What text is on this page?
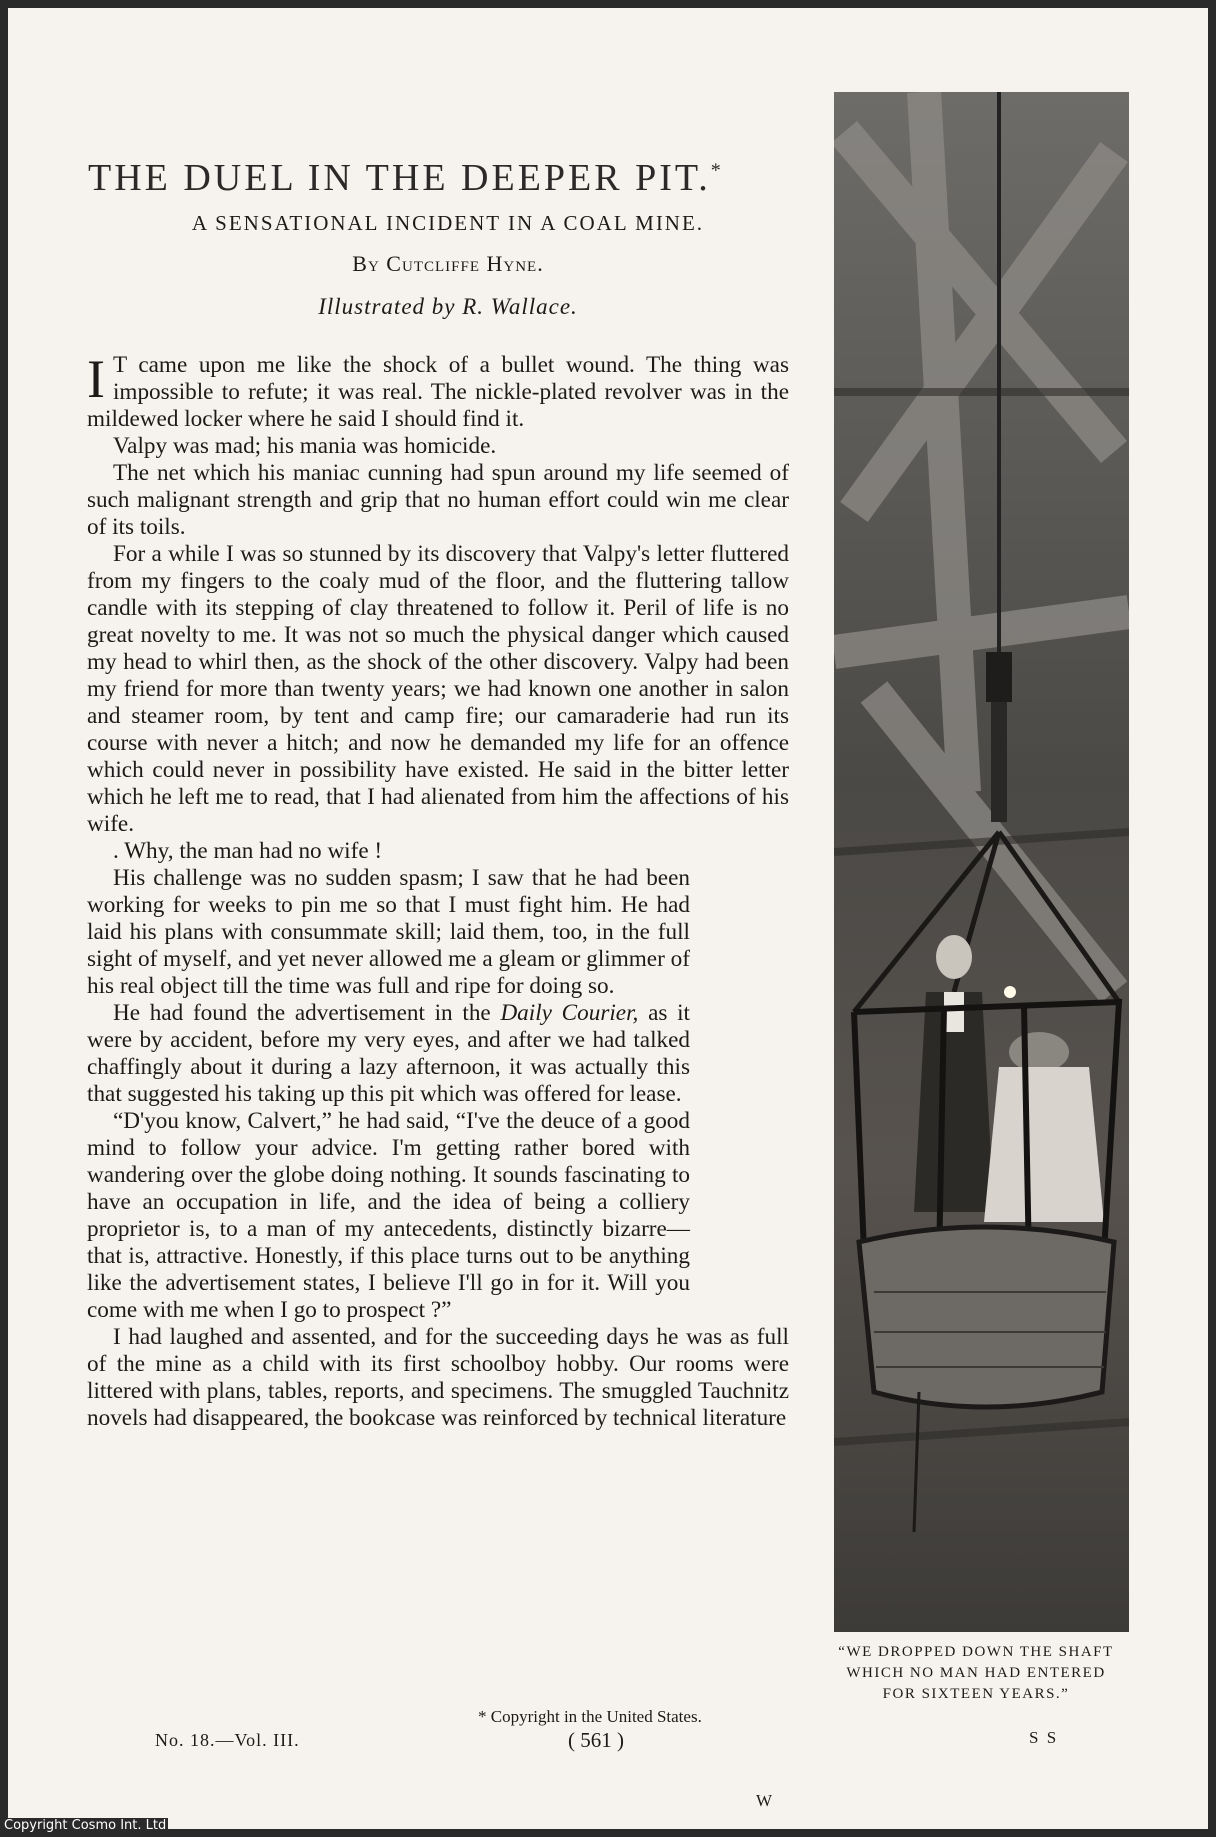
THE DUEL IN THE DEEPER PIT.*
A SENSATIONAL INCIDENT IN A COAL MINE.
By Cutcliffe Hyne.
Illustrated by R. Wallace.

I T came upon me like the shock of a bullet wound. The thing was impossible to refute; it was real. The nickle-plated revolver was in the mildewed locker where he said I should find it.

Valpy was mad; his mania was homicide.

The net which his maniac cunning had spun around my life seemed of such malignant strength and grip that no human effort could win me clear of its toils.

For a while I was so stunned by its discovery that Valpy's letter fluttered from my fingers to the coaly mud of the floor, and the fluttering tallow candle with its stepping of clay threatened to follow it. Peril of life is no great novelty to me. It was not so much the physical danger which caused my head to whirl then, as the shock of the other discovery. Valpy had been my friend for more than twenty years; we had known one another in salon and steamer room, by tent and camp fire; our camaraderie had run its course with never a hitch; and now he demanded my life for an offence which could never in possibility have existed. He said in the bitter letter which he left me to read, that I had alienated from him the affections of his wife.

. Why, the man had no wife !

His challenge was no sudden spasm; I saw that he had been working for weeks to pin me so that I must fight him. He had laid his plans with consummate skill; laid them, too, in the full sight of myself, and yet never allowed me a gleam or glimmer of his real object till the time was full and ripe for doing so.

He had found the advertisement in the Daily Courier, as it were by accident, before my very eyes, and after we had talked chaffingly about it during a lazy afternoon, it was actually this that suggested his taking up this pit which was offered for lease.

“D'you know, Calvert,” he had said, “I've the deuce of a good mind to follow your advice. I'm getting rather bored with wandering over the globe doing nothing. It sounds fascinating to have an occupation in life, and the idea of being a colliery proprietor is, to a man of my antecedents, distinctly bizarre—that is, attractive. Honestly, if this place turns out to be anything like the advertisement states, I believe I'll go in for it. Will you come with me when I go to prospect ?”

I had laughed and assented, and for the succeeding days he was as full of the mine as a child with its first schoolboy hobby. Our rooms were littered with plans, tables, reports, and specimens. The smuggled Tauchnitz novels had disappeared, the bookcase was reinforced by technical literature

“WE DROPPED DOWN THE SHAFT
WHICH NO MAN HAD ENTERED
FOR SIXTEEN YEARS.”
* Copyright in the United States.
No. 18.—Vol. III.	( 561 )	S S
W
Copyright Cosmo Int. Ltd
